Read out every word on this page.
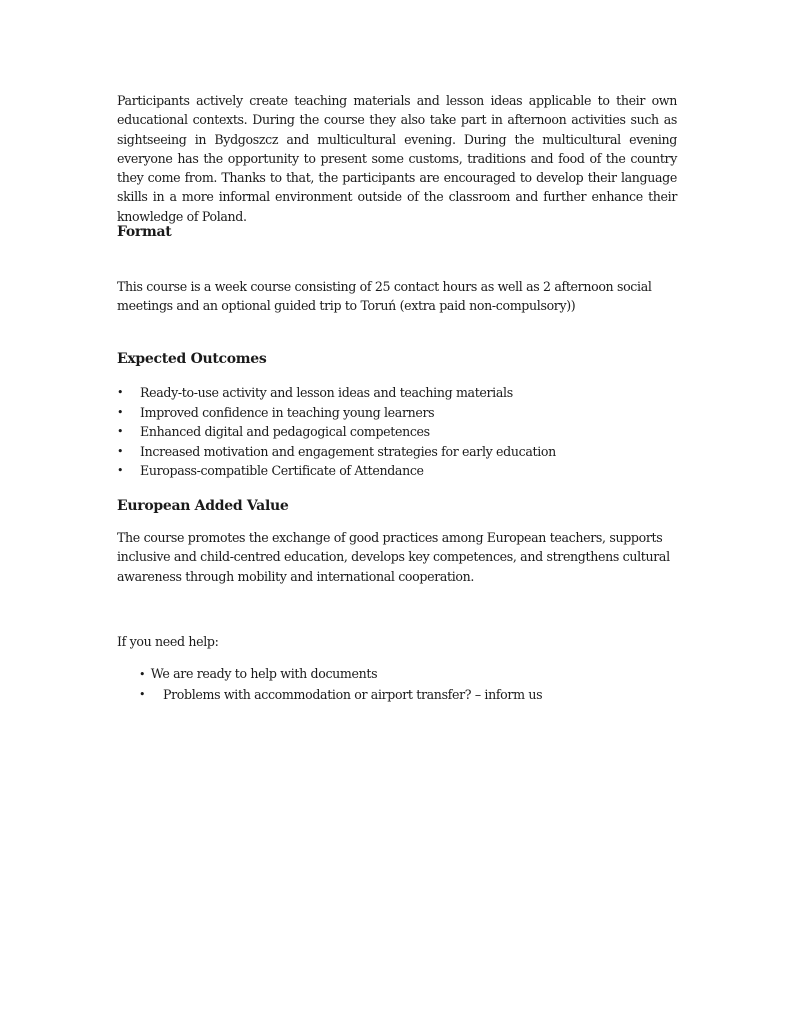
Participants actively create teaching materials and lesson ideas applicable to their own educational contexts. During the course they also take part in afternoon activities such as sightseeing in Bydgoszcz and multicultural evening. During the multicultural evening everyone has the opportunity to present some customs, traditions and food of the country they come from. Thanks to that, the participants are encouraged to develop their language skills in a more informal environment outside of the classroom and further enhance their knowledge of Poland.

Format
This course is a week course consisting of 25 contact hours as well as 2 afternoon social
meetings and an optional guided trip to Toruń (extra paid non-compulsory))
Expected Outcomes
• Ready-to-use activity and lesson ideas and teaching materials
• Improved confidence in teaching young learners
• Enhanced digital and pedagogical competences
• Increased motivation and engagement strategies for early education
• Europass-compatible Certificate of Attendance
European Added Value
The course promotes the exchange of good practices among European teachers, supports
inclusive and child-centred education, develops key competences, and strengthens cultural
awareness through mobility and international cooperation.
If you need help:
• We are ready to help with documents
• Problems with accommodation or airport transfer? – inform us
